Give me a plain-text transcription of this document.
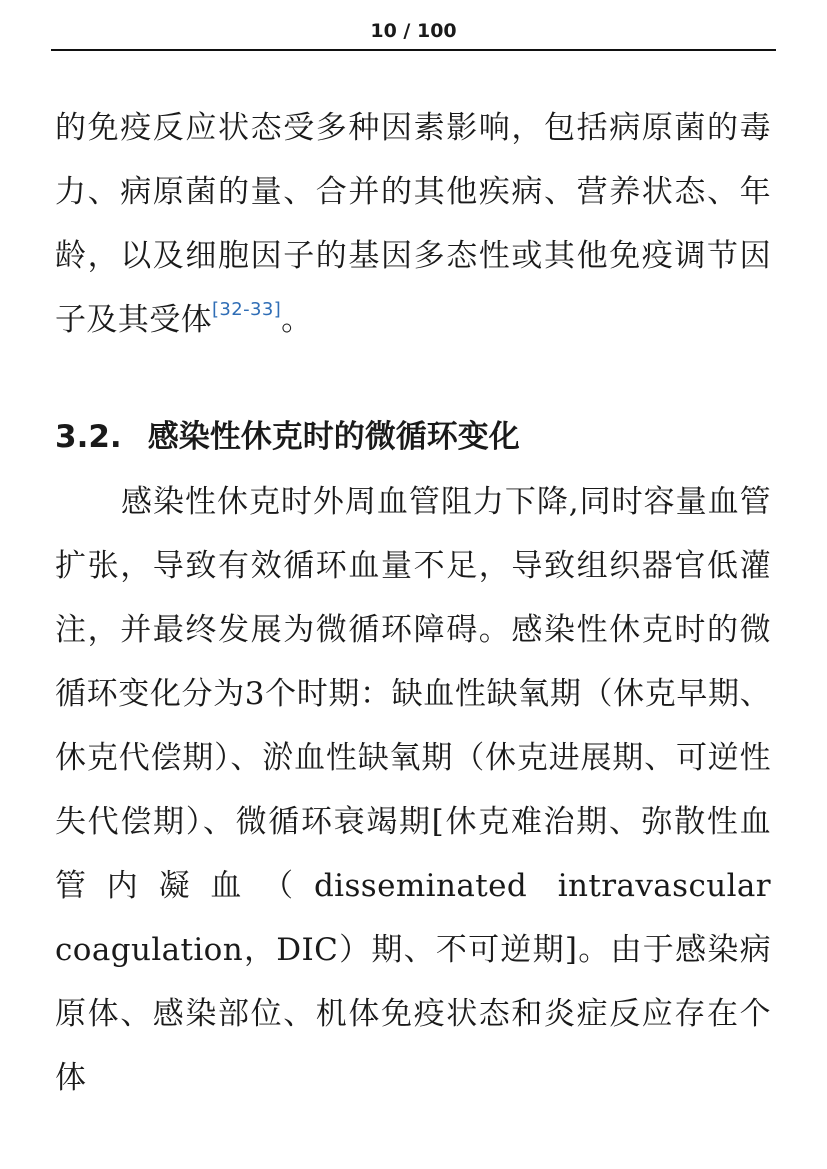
10 / 100

的免疫反应状态受多种因素影响，包括病原菌的毒力、病原菌的量、合并的其他疾病、营养状态、年龄，以及细胞因子的基因多态性或其他免疫调节因子及其受体[32-33]。

3.2. 感染性休克时的微循环变化

感染性休克时外周血管阻力下降,同时容量血管扩张，导致有效循环血量不足，导致组织器官低灌注，并最终发展为微循环障碍。感染性休克时的微循环变化分为3个时期：缺血性缺氧期（休克早期、休克代偿期）、淤血性缺氧期（休克进展期、可逆性失代偿期）、微循环衰竭期[休克难治期、弥散性血管内凝血（disseminated intravascular coagulation，DIC）期、不可逆期]。由于感染病原体、感染部位、机体免疫状态和炎症反应存在个体
